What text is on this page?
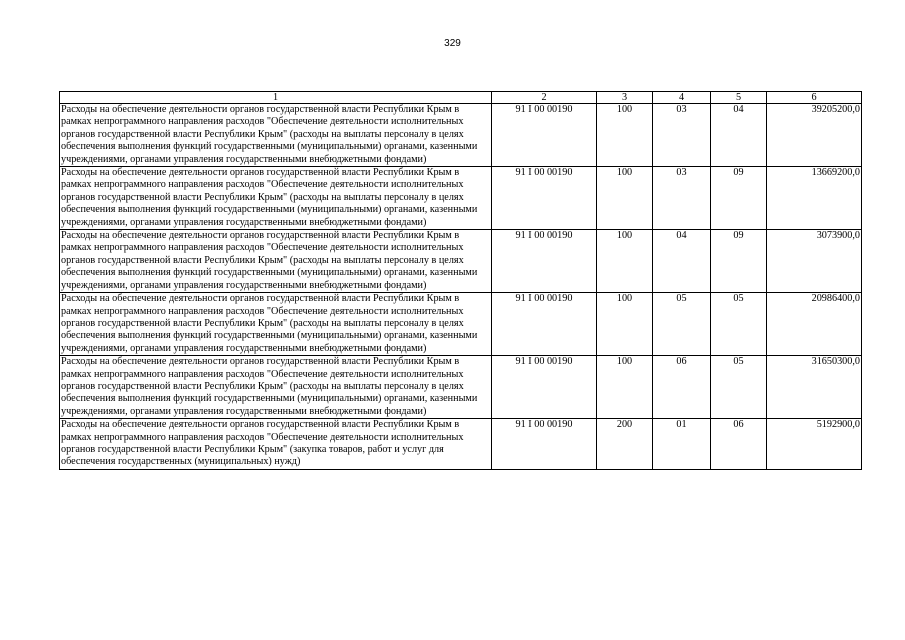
329
1	2	3	4	5	6
Расходы на обеспечение деятельности органов государственной власти Республики Крым в рамках непрограммного направления расходов "Обеспечение деятельности исполнительных органов государственной власти Республики Крым" (расходы на выплаты персоналу в целях обеспечения выполнения функций государственными (муниципальными) органами, казенными учреждениями, органами управления государственными внебюджетными фондами)	91 I 00 00190	100	03	04	39205200,0
Расходы на обеспечение деятельности органов государственной власти Республики Крым в рамках непрограммного направления расходов "Обеспечение деятельности исполнительных органов государственной власти Республики Крым" (расходы на выплаты персоналу в целях обеспечения выполнения функций государственными (муниципальными) органами, казенными учреждениями, органами управления государственными внебюджетными фондами)	91 I 00 00190	100	03	09	13669200,0
Расходы на обеспечение деятельности органов государственной власти Республики Крым в рамках непрограммного направления расходов "Обеспечение деятельности исполнительных органов государственной власти Республики Крым" (расходы на выплаты персоналу в целях обеспечения выполнения функций государственными (муниципальными) органами, казенными учреждениями, органами управления государственными внебюджетными фондами)	91 I 00 00190	100	04	09	3073900,0
Расходы на обеспечение деятельности органов государственной власти Республики Крым в рамках непрограммного направления расходов "Обеспечение деятельности исполнительных органов государственной власти Республики Крым" (расходы на выплаты персоналу в целях обеспечения выполнения функций государственными (муниципальными) органами, казенными учреждениями, органами управления государственными внебюджетными фондами)	91 I 00 00190	100	05	05	20986400,0
Расходы на обеспечение деятельности органов государственной власти Республики Крым в рамках непрограммного направления расходов "Обеспечение деятельности исполнительных органов государственной власти Республики Крым" (расходы на выплаты персоналу в целях обеспечения выполнения функций государственными (муниципальными) органами, казенными учреждениями, органами управления государственными внебюджетными фондами)	91 I 00 00190	100	06	05	31650300,0
Расходы на обеспечение деятельности органов государственной власти Республики Крым в рамках непрограммного направления расходов "Обеспечение деятельности исполнительных органов государственной власти Республики Крым" (закупка товаров, работ и услуг для обеспечения государственных (муниципальных) нужд)	91 I 00 00190	200	01	06	5192900,0
